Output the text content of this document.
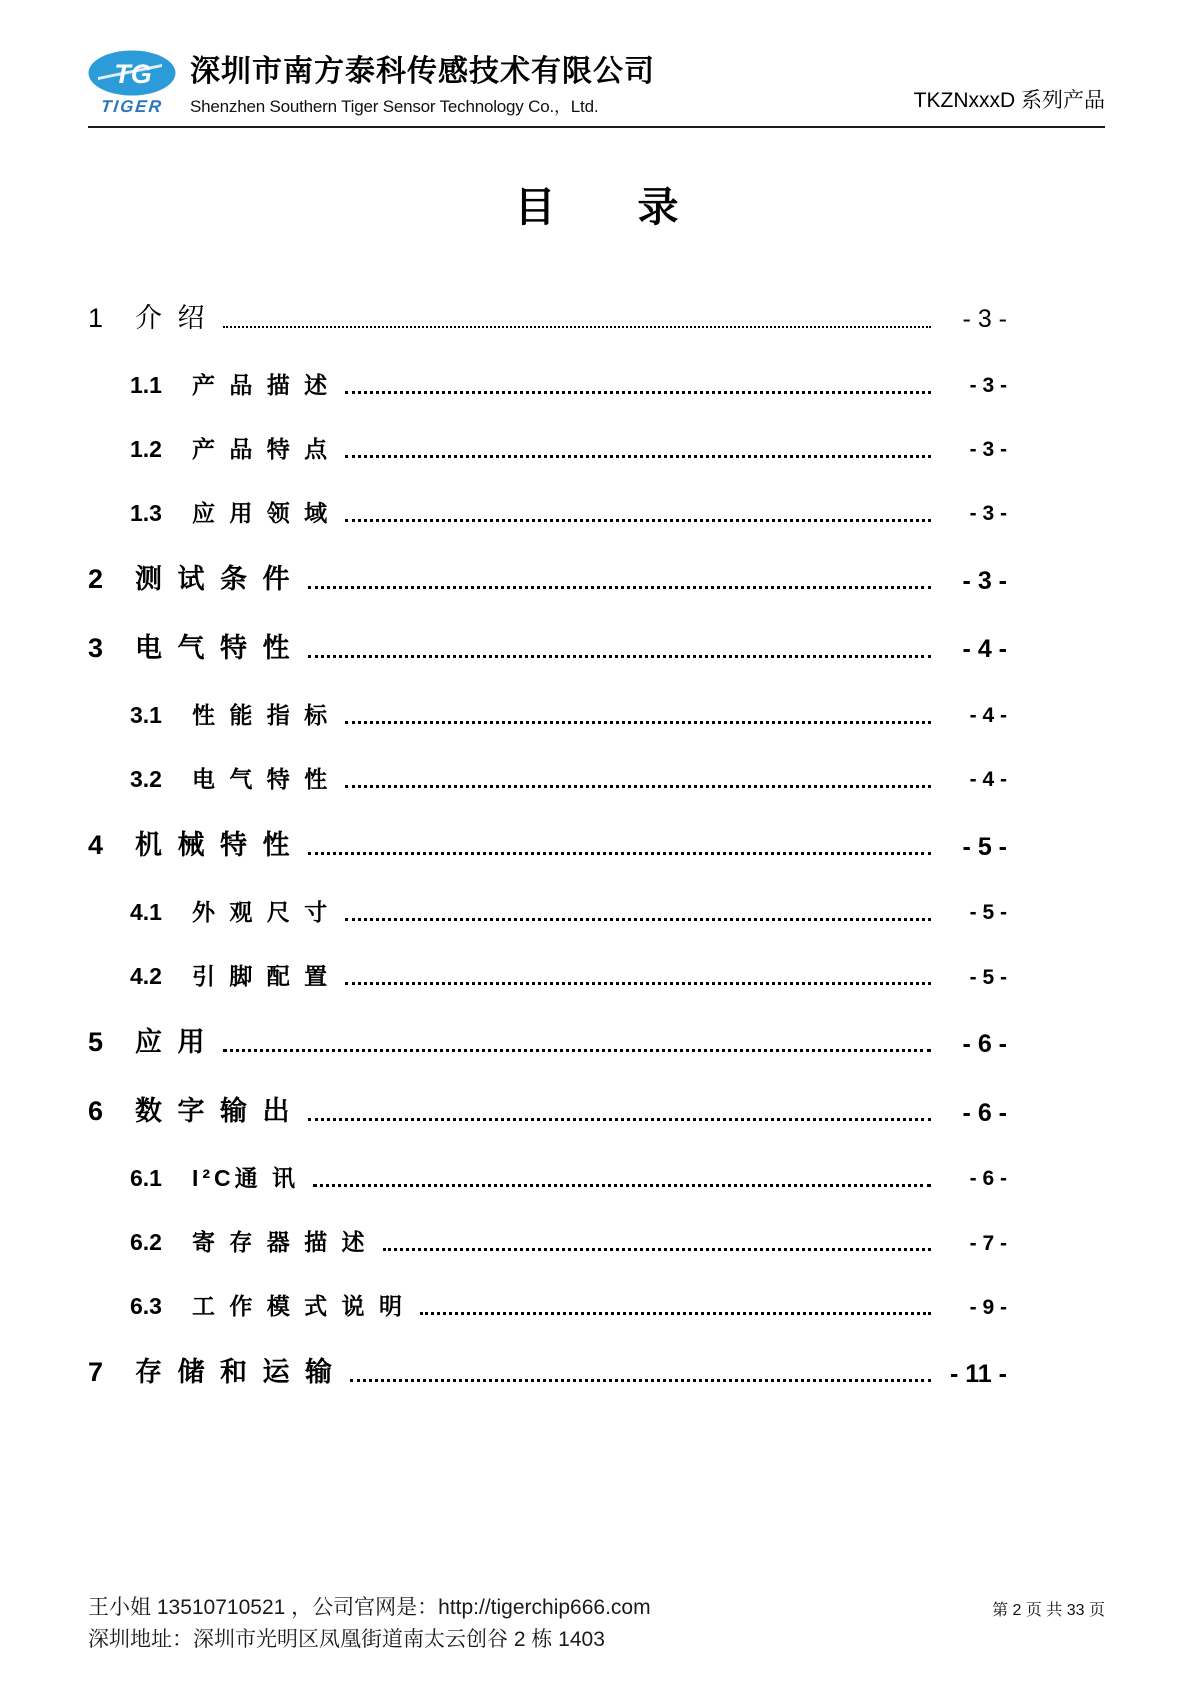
TG
TIGER
深圳市南方泰科传感技术有限公司
Shenzhen Southern Tiger Sensor Technology Co.，Ltd.	TKZNxxxD 系列产品
目　　录
1	介 绍	- 3 -
1.1	产 品 描 述	- 3 -
1.2	产 品 特 点	- 3 -
1.3	应 用 领 域	- 3 -
2	测 试 条 件	- 3 -
3	电 气 特 性	- 4 -
3.1	性 能 指 标	- 4 -
3.2	电 气 特 性	- 4 -
4	机 械 特 性	- 5 -
4.1	外 观 尺 寸	- 5 -
4.2	引 脚 配 置	- 5 -
5	应 用	- 6 -
6	数 字 输 出	- 6 -
6.1	I²C通 讯	- 6 -
6.2	寄 存 器 描 述	- 7 -
6.3	工 作 模 式 说 明	- 9 -
7	存 储 和 运 输	- 11 -
王小姐 13510710521 ，公司官网是：http://tigerchip666.com
深圳地址：深圳市光明区凤凰街道南太云创谷 2 栋 1403
第 2 页 共 33 页
